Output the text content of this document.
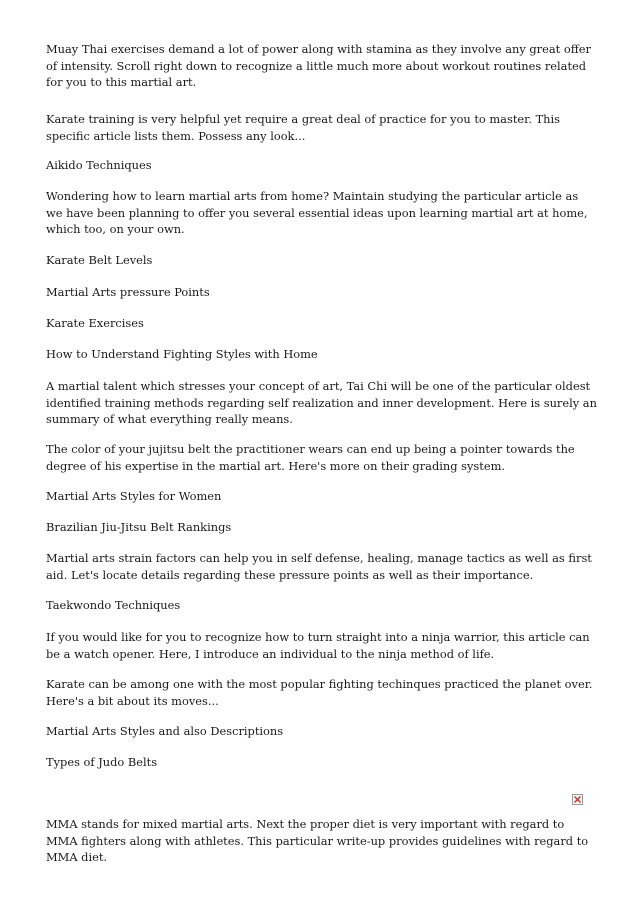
Muay Thai exercises demand a lot of power along with stamina as they involve any great offer of intensity. Scroll right down to recognize a little much more about workout routines related for you to this martial art.

Karate training is very helpful yet require a great deal of practice for you to master. This specific article lists them. Possess any look...

Aikido Techniques

Wondering how to learn martial arts from home? Maintain studying the particular article as we have been planning to offer you several essential ideas upon learning martial art at home, which too, on your own.

Karate Belt Levels

Martial Arts pressure Points

Karate Exercises

How to Understand Fighting Styles with Home

A martial talent which stresses your concept of art, Tai Chi will be one of the particular oldest identified training methods regarding self realization and inner development. Here is surely an summary of what everything really means.

The color of your jujitsu belt the practitioner wears can end up being a pointer towards the degree of his expertise in the martial art. Here's more on their grading system.

Martial Arts Styles for Women

Brazilian Jiu-Jitsu Belt Rankings

Martial arts strain factors can help you in self defense, healing, manage tactics as well as first aid. Let's locate details regarding these pressure points as well as their importance.

Taekwondo Techniques

If you would like for you to recognize how to turn straight into a ninja warrior, this article can be a watch opener. Here, I introduce an individual to the ninja method of life.

Karate can be among one with the most popular fighting techinques practiced the planet over. Here's a bit about its moves...

Martial Arts Styles and also Descriptions

Types of Judo Belts

MMA stands for mixed martial arts. Next the proper diet is very important with regard to MMA fighters along with athletes. This particular write-up provides guidelines with regard to MMA diet.
